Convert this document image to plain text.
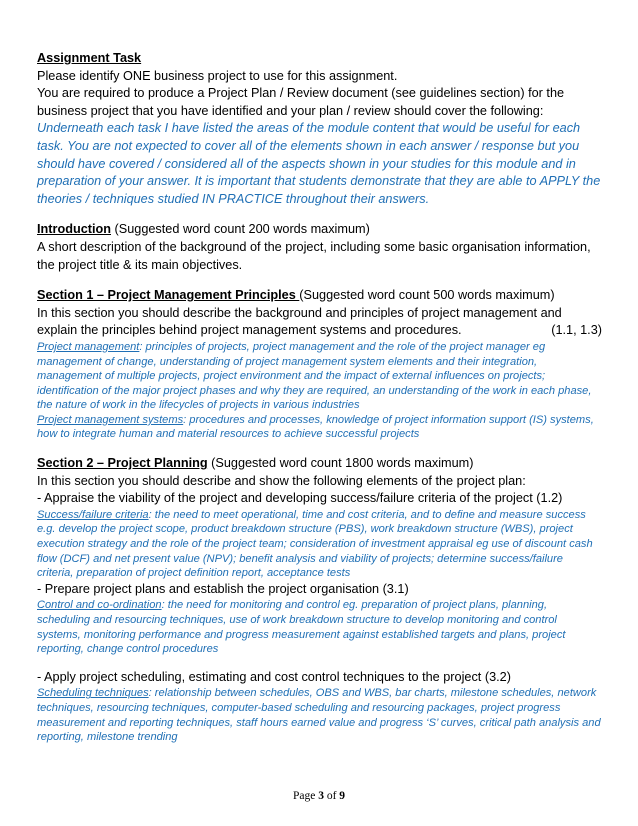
Assignment Task

Please identify ONE business project to use for this assignment.

You are required to produce a Project Plan / Review document (see guidelines section) for the business project that you have identified and your plan / review should cover the following:

Underneath each task I have listed the areas of the module content that would be useful for each task. You are not expected to cover all of the elements shown in each answer / response but you should have covered / considered all of the aspects shown in your studies for this module and in preparation of your answer. It is important that students demonstrate that they are able to APPLY the theories / techniques studied IN PRACTICE throughout their answers.

Introduction (Suggested word count 200 words maximum)

A short description of the background of the project, including some basic organisation information, the project title & its main objectives.

Section 1 – Project Management Principles (Suggested word count 500 words maximum)

In this section you should describe the background and principles of project management and explain the principles behind project management systems and procedures.	(1.1, 1.3)

Project management: principles of projects, project management and the role of the project manager eg management of change, understanding of project management system elements and their integration, management of multiple projects, project environment and the impact of external influences on projects; identification of the major project phases and why they are required, an understanding of the work in each phase, the nature of work in the lifecycles of projects in various industries

Project management systems: procedures and processes, knowledge of project information support (IS) systems, how to integrate human and material resources to achieve successful projects

Section 2 – Project Planning (Suggested word count 1800 words maximum)

In this section you should describe and show the following elements of the project plan:

- Appraise the viability of the project and developing success/failure criteria of the project (1.2)

Success/failure criteria: the need to meet operational, time and cost criteria, and to define and measure success e.g. develop the project scope, product breakdown structure (PBS), work breakdown structure (WBS), project execution strategy and the role of the project team; consideration of investment appraisal eg use of discount cash flow (DCF) and net present value (NPV); benefit analysis and viability of projects; determine success/failure criteria, preparation of project definition report, acceptance tests

- Prepare project plans and establish the project organisation (3.1)

Control and co-ordination: the need for monitoring and control eg. preparation of project plans, planning, scheduling and resourcing techniques, use of work breakdown structure to develop monitoring and control systems, monitoring performance and progress measurement against established targets and plans, project reporting, change control procedures

- Apply project scheduling, estimating and cost control techniques to the project (3.2)

Scheduling techniques: relationship between schedules, OBS and WBS, bar charts, milestone schedules, network techniques, resourcing techniques, computer-based scheduling and resourcing packages, project progress measurement and reporting techniques, staff hours earned value and progress ‘S’ curves, critical path analysis and reporting, milestone trending

Page 3 of 9
